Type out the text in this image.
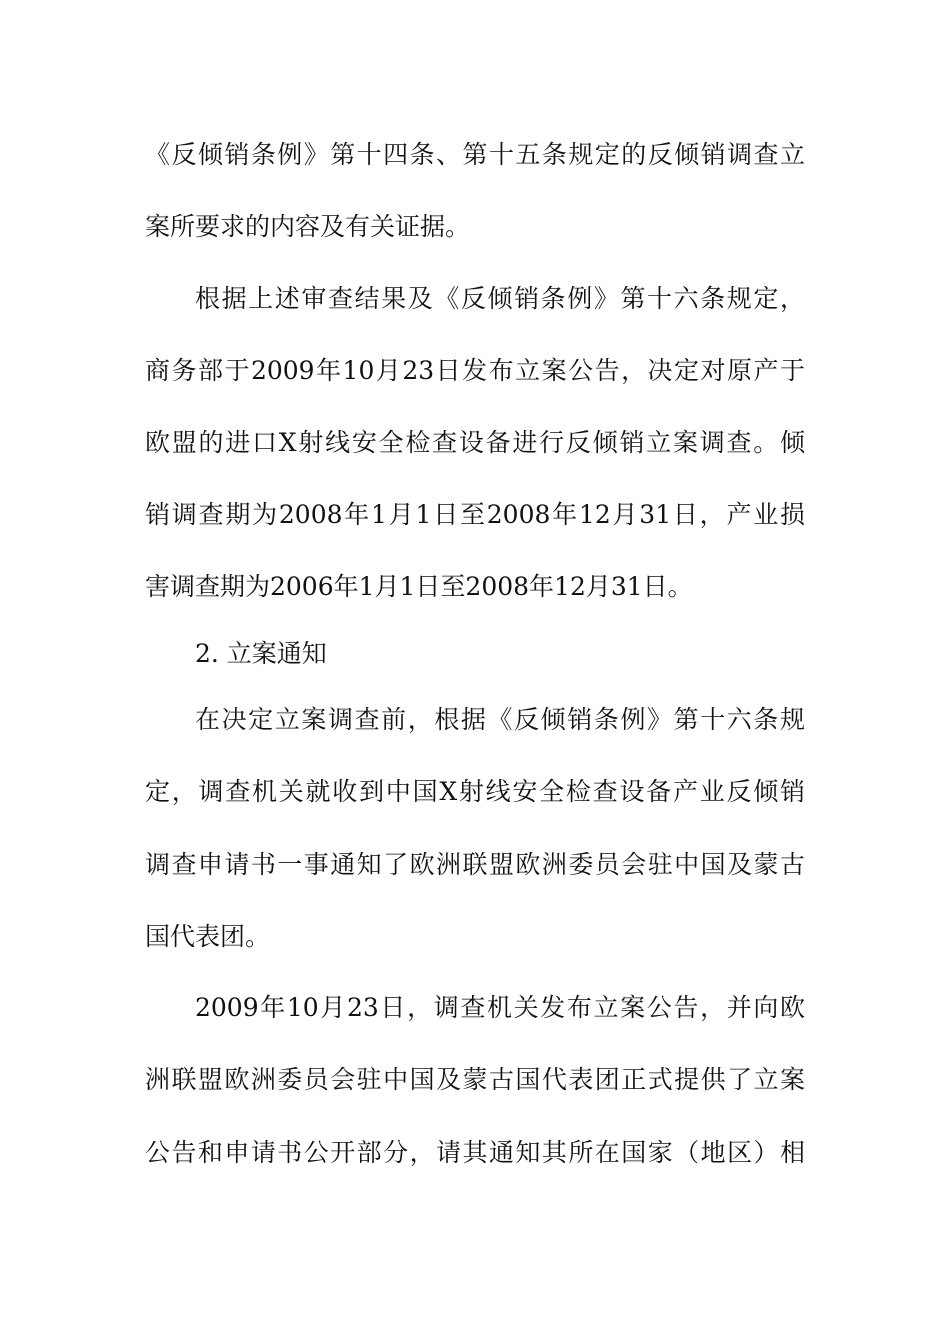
《反倾销条例》第十四条、第十五条规定的反倾销调查立
案所要求的内容及有关证据。
根据上述审查结果及《反倾销条例》第十六条规定，
商务部于2009年10月23日发布立案公告，决定对原产于
欧盟的进口X射线安全检查设备进行反倾销立案调查。倾
销调查期为2008年1月1日至2008年12月31日，产业损
害调查期为2006年1月1日至2008年12月31日。
2. 立案通知
在决定立案调查前，根据《反倾销条例》第十六条规
定，调查机关就收到中国X射线安全检查设备产业反倾销
调查申请书一事通知了欧洲联盟欧洲委员会驻中国及蒙古
国代表团。
2009年10月23日，调查机关发布立案公告，并向欧
洲联盟欧洲委员会驻中国及蒙古国代表团正式提供了立案
公告和申请书公开部分，请其通知其所在国家（地区）相
